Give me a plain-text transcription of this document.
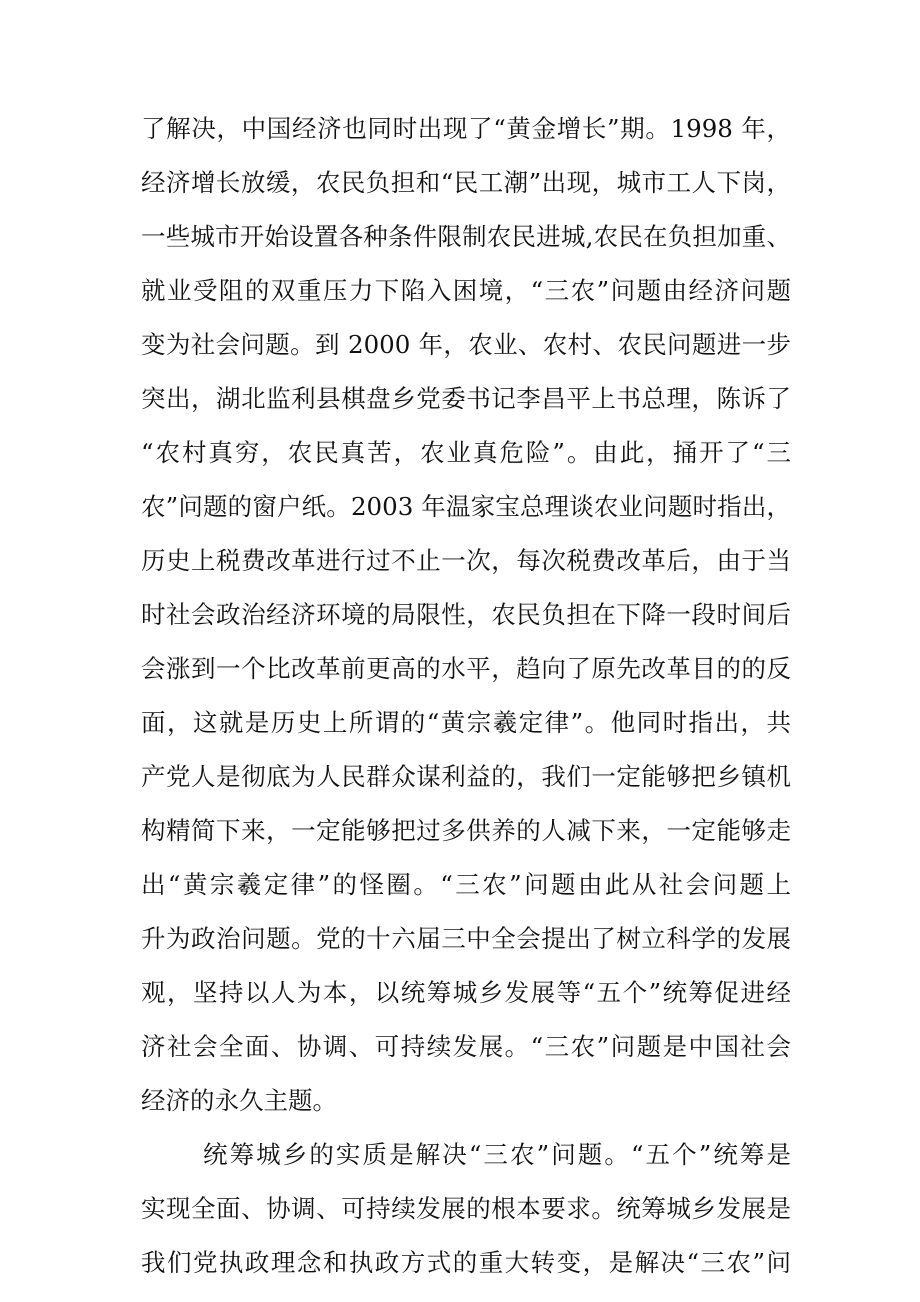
了解决，中国经济也同时出现了“黄金增长”期。1998 年，
经济增长放缓，农民负担和“民工潮”出现，城市工人下岗，
一些城市开始设置各种条件限制农民进城,农民在负担加重、
就业受阻的双重压力下陷入困境，“三农”问题由经济问题
变为社会问题。到 2000 年，农业、农村、农民问题进一步
突出，湖北监利县棋盘乡党委书记李昌平上书总理，陈诉了
“农村真穷，农民真苦，农业真危险”。由此，捅开了“三
农”问题的窗户纸。2003 年温家宝总理谈农业问题时指出，
历史上税费改革进行过不止一次，每次税费改革后，由于当
时社会政治经济环境的局限性，农民负担在下降一段时间后
会涨到一个比改革前更高的水平，趋向了原先改革目的的反
面，这就是历史上所谓的“黄宗羲定律”。他同时指出，共
产党人是彻底为人民群众谋利益的，我们一定能够把乡镇机
构精简下来，一定能够把过多供养的人减下来，一定能够走
出“黄宗羲定律”的怪圈。“三农”问题由此从社会问题上
升为政治问题。党的十六届三中全会提出了树立科学的发展
观，坚持以人为本，以统筹城乡发展等“五个”统筹促进经
济社会全面、协调、可持续发展。“三农”问题是中国社会
经济的永久主题。
统筹城乡的实质是解决“三农”问题。“五个”统筹是
实现全面、协调、可持续发展的根本要求。统筹城乡发展是
我们党执政理念和执政方式的重大转变，是解决“三农”问
